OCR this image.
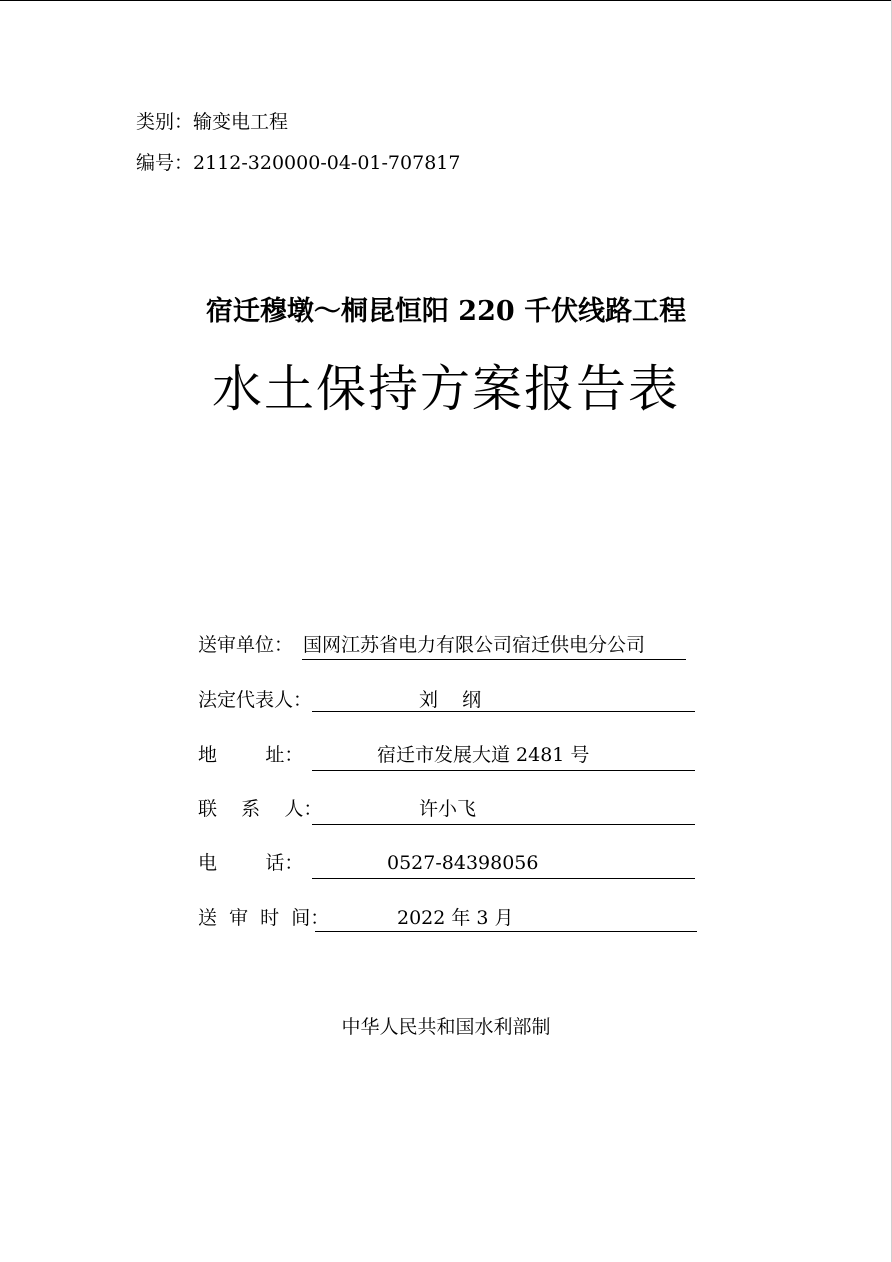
类别：输变电工程
编号：2112-320000-04-01-707817
宿迁穆墩～桐昆恒阳 220 千伏线路工程
水土保持方案报告表
送审单位： 国网江苏省电力有限公司宿迁供电分公司
法定代表人：	刘    纲
地        址：	宿迁市发展大道 2481 号
联    系    人：	许小飞
电        话：	0527-84398056
送  审  时  间：	2022 年 3 月
中华人民共和国水利部制
